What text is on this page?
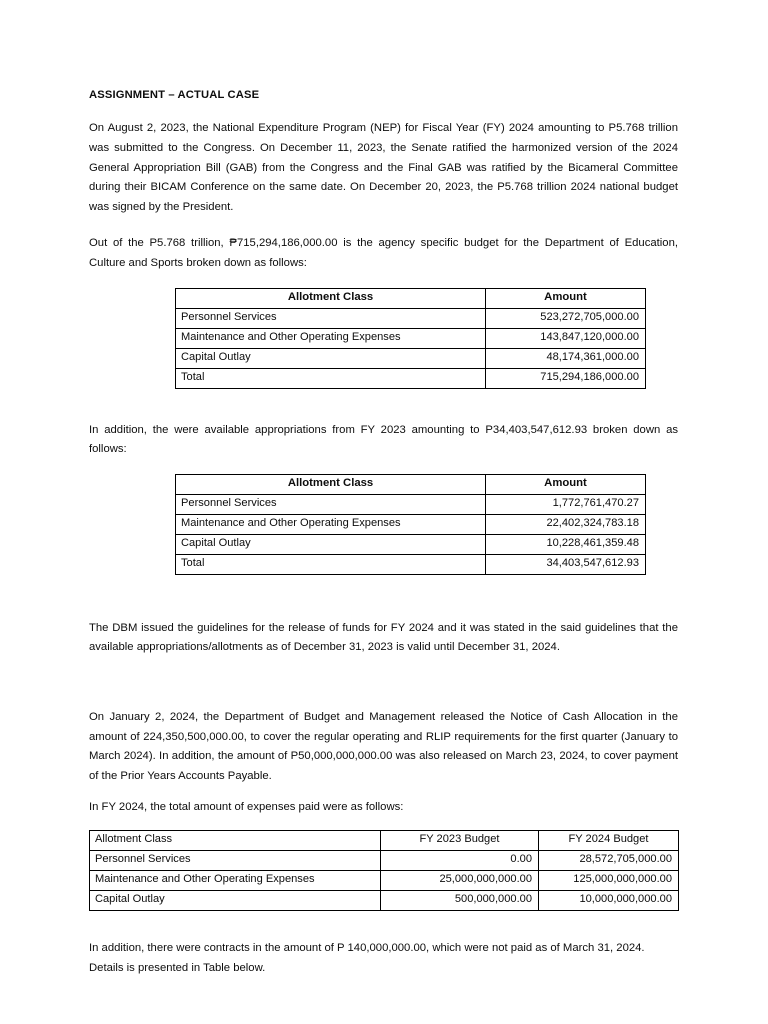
ASSIGNMENT – ACTUAL CASE

On August 2, 2023, the National Expenditure Program (NEP) for Fiscal Year (FY) 2024 amounting to P5.768 trillion was submitted to the Congress. On December 11, 2023, the Senate ratified the harmonized version of the 2024 General Appropriation Bill (GAB) from the Congress and the Final GAB was ratified by the Bicameral Committee during their BICAM Conference on the same date. On December 20, 2023, the P5.768 trillion 2024 national budget was signed by the President.

Out of the P5.768 trillion, ₱715,294,186,000.00 is the agency specific budget for the Department of Education, Culture and Sports broken down as follows:

Allotment Class	Amount
Personnel Services	523,272,705,000.00
Maintenance and Other Operating Expenses	143,847,120,000.00
Capital Outlay	48,174,361,000.00
Total	715,294,186,000.00

In addition, the were available appropriations from FY 2023 amounting to P34,403,547,612.93 broken down as follows:

Allotment Class	Amount
Personnel Services	1,772,761,470.27
Maintenance and Other Operating Expenses	22,402,324,783.18
Capital Outlay	10,228,461,359.48
Total	34,403,547,612.93

The DBM issued the guidelines for the release of funds for FY 2024 and it was stated in the said guidelines that the available appropriations/allotments as of December 31, 2023 is valid until December 31, 2024.

On January 2, 2024, the Department of Budget and Management released the Notice of Cash Allocation in the amount of 224,350,500,000.00, to cover the regular operating and RLIP requirements for the first quarter (January to March 2024). In addition, the amount of P50,000,000,000.00 was also released on March 23, 2024, to cover payment of the Prior Years Accounts Payable.

In FY 2024, the total amount of expenses paid were as follows:

Allotment Class	FY 2023 Budget	FY 2024 Budget
Personnel Services	0.00	28,572,705,000.00
Maintenance and Other Operating Expenses	25,000,000,000.00	125,000,000,000.00
Capital Outlay	500,000,000.00	10,000,000,000.00

In addition, there were contracts in the amount of P 140,000,000.00, which were not paid as of March 31, 2024. Details is presented in Table below.
